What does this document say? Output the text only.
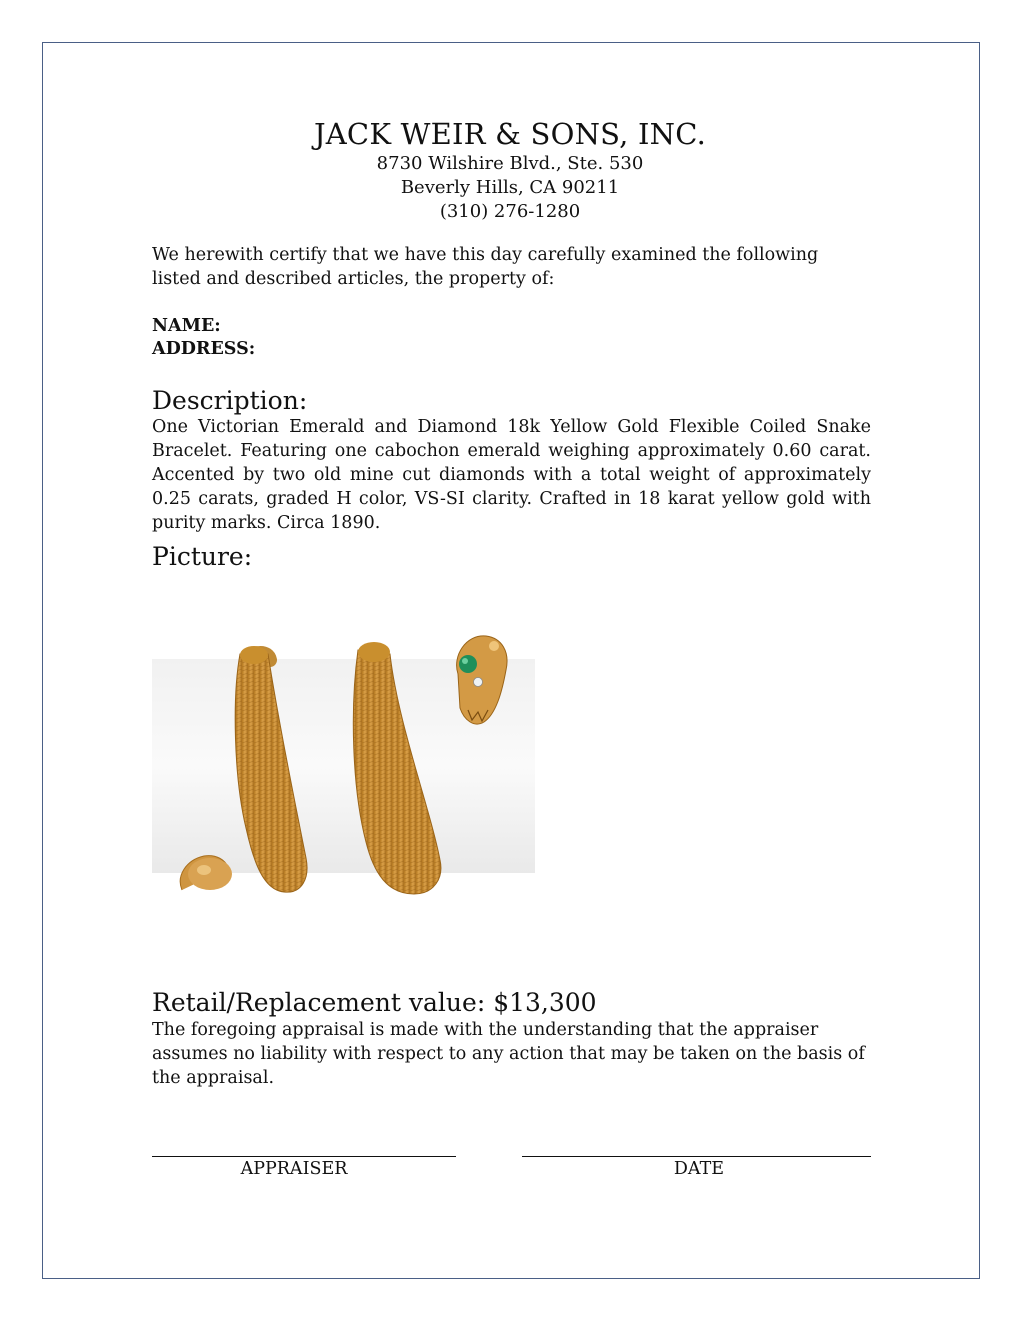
JACK WEIR & SONS, INC.
8730 Wilshire Blvd., Ste. 530
Beverly Hills, CA 90211
(310) 276-1280
We herewith certify that we have this day carefully examined the following listed and described articles, the property of:
NAME:
ADDRESS:
Description:
One Victorian Emerald and Diamond 18k Yellow Gold Flexible Coiled Snake Bracelet. Featuring one cabochon emerald weighing approximately 0.60 carat. Accented by two old mine cut diamonds with a total weight of approximately 0.25 carats, graded H color, VS-SI clarity. Crafted in 18 karat yellow gold with purity marks. Circa 1890.
Picture:
Retail/Replacement value: $13,300
The foregoing appraisal is made with the understanding that the appraiser assumes no liability with respect to any action that may be taken on the basis of the appraisal.
APPRAISER	DATE
